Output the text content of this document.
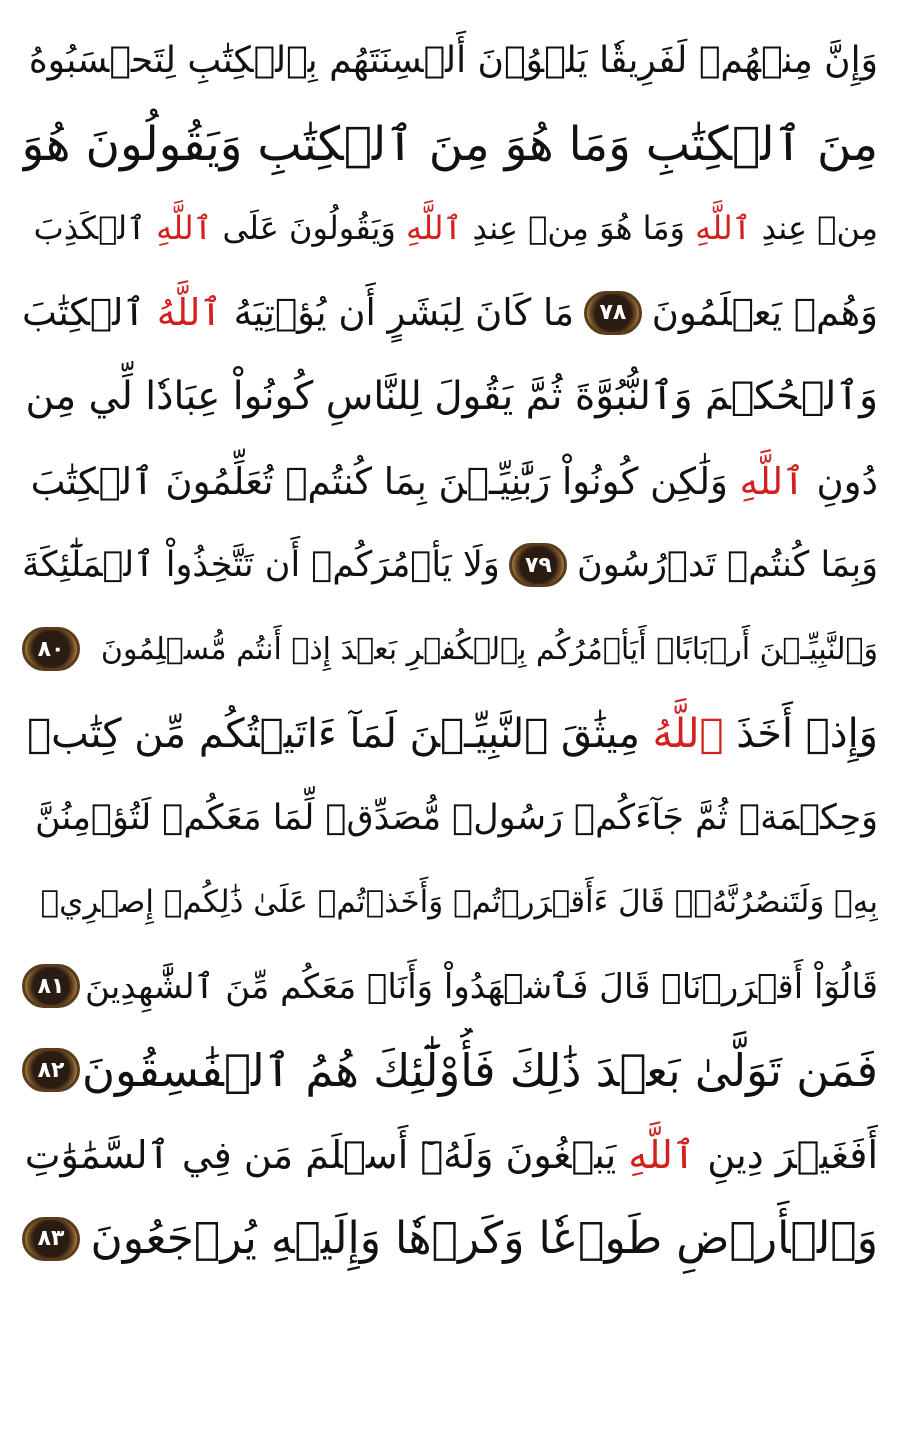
وَإِنَّ مِنۡهُمۡ لَفَرِيقٗا يَلۡوُۥنَ أَلۡسِنَتَهُم بِٱلۡكِتَٰبِ لِتَحۡسَبُوهُ
مِنَ ٱلۡكِتَٰبِ وَمَا هُوَ مِنَ ٱلۡكِتَٰبِ وَيَقُولُونَ هُوَ
مِنۡ عِندِ ٱللَّهِ وَمَا هُوَ مِنۡ عِندِ ٱللَّهِ وَيَقُولُونَ عَلَى ٱللَّهِ ٱلۡكَذِبَ
وَهُمۡ يَعۡلَمُونَ
٧٨
مَا كَانَ لِبَشَرٍ أَن يُؤۡتِيَهُ ٱللَّهُ ٱلۡكِتَٰبَ
وَٱلۡحُكۡمَ وَٱلنُّبُوَّةَ ثُمَّ يَقُولَ لِلنَّاسِ كُونُواْ عِبَادٗا لِّي مِن
دُونِ ٱللَّهِ وَلَٰكِن كُونُواْ رَبَّٰنِيِّـۧنَ بِمَا كُنتُمۡ تُعَلِّمُونَ ٱلۡكِتَٰبَ
وَبِمَا كُنتُمۡ تَدۡرُسُونَ
٧٩
وَلَا يَأۡمُرَكُمۡ أَن تَتَّخِذُواْ ٱلۡمَلَٰٓئِكَةَ
وَٱلنَّبِيِّـۧنَ أَرۡبَابًاۗ أَيَأۡمُرُكُم بِٱلۡكُفۡرِ بَعۡدَ إِذۡ أَنتُم مُّسۡلِمُونَ
٨٠
وَإِذۡ أَخَذَ ٱللَّهُ مِيثَٰقَ ٱلنَّبِيِّـۧنَ لَمَآ ءَاتَيۡتُكُم مِّن كِتَٰبٖ
وَحِكۡمَةٖ ثُمَّ جَآءَكُمۡ رَسُولٞ مُّصَدِّقٞ لِّمَا مَعَكُمۡ لَتُؤۡمِنُنَّ
بِهِۦ وَلَتَنصُرُنَّهُۥۚ قَالَ ءَأَقۡرَرۡتُمۡ وَأَخَذۡتُمۡ عَلَىٰ ذَٰلِكُمۡ إِصۡرِيۖ
قَالُوٓاْ أَقۡرَرۡنَاۚ قَالَ فَٱشۡهَدُواْ وَأَنَا۠ مَعَكُم مِّنَ ٱلشَّٰهِدِينَ
٨١
فَمَن تَوَلَّىٰ بَعۡدَ ذَٰلِكَ فَأُوْلَٰٓئِكَ هُمُ ٱلۡفَٰسِقُونَ
٨٢
أَفَغَيۡرَ دِينِ ٱللَّهِ يَبۡغُونَ وَلَهُۥٓ أَسۡلَمَ مَن فِي ٱلسَّمَٰوَٰتِ
وَٱلۡأَرۡضِ طَوۡعٗا وَكَرۡهٗا وَإِلَيۡهِ يُرۡجَعُونَ
٨٣
